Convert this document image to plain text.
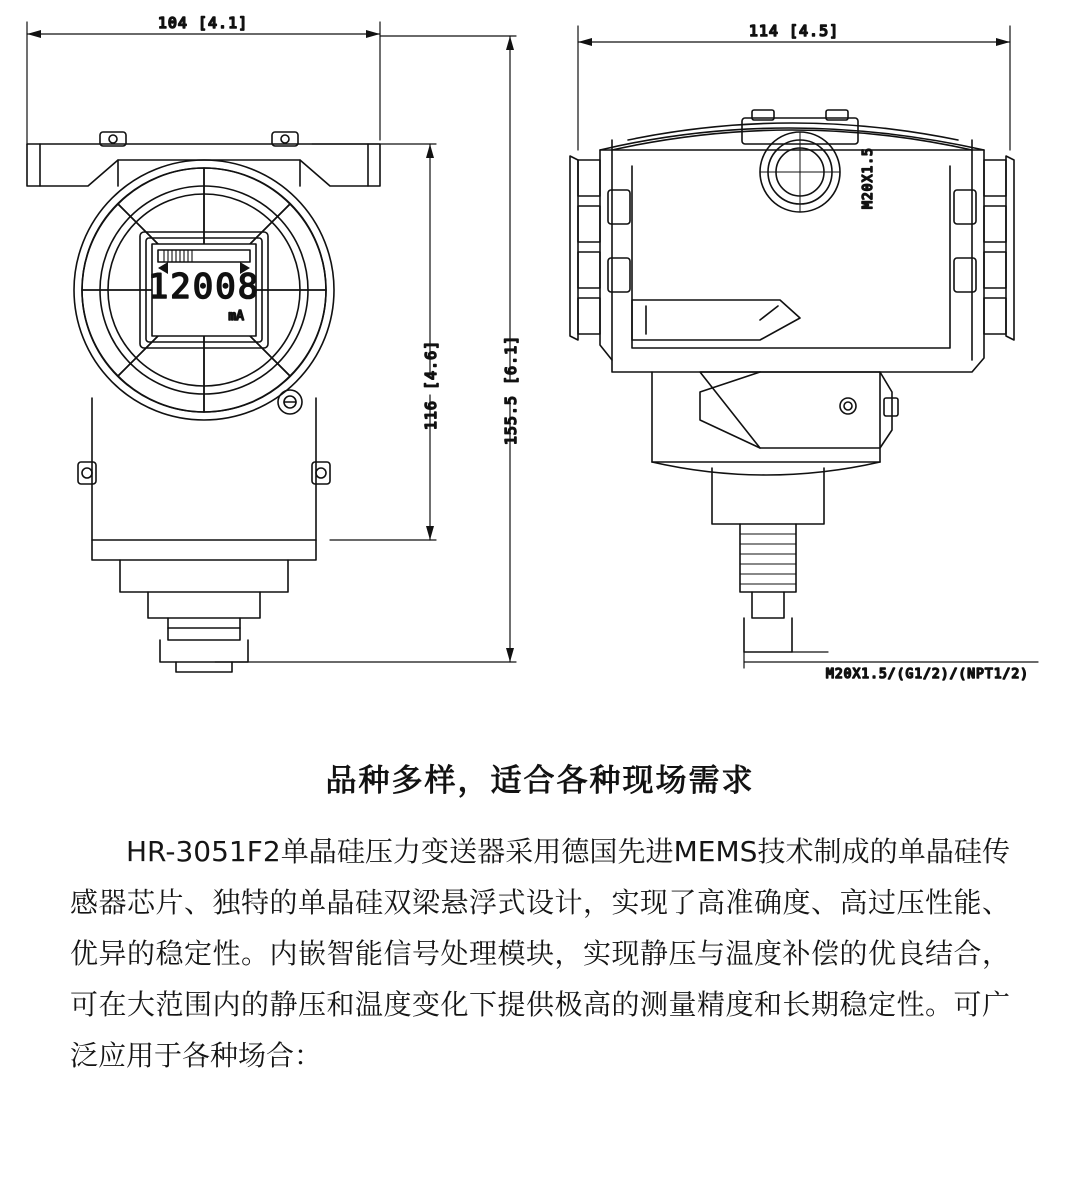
104 [4.1]
116 [4.6]	155.5 [6.1]
12008
mA
114 [4.5]
M20X1.5
M20X1.5/(G1/2)/(NPT1/2)
品种多样，适合各种现场需求

HR-3051F2单晶硅压力变送器采用德国先进MEMS技术制成的单晶硅传感器芯片、独特的单晶硅双梁悬浮式设计，实现了高准确度、高过压性能、优异的稳定性。内嵌智能信号处理模块，实现静压与温度补偿的优良结合，可在大范围内的静压和温度变化下提供极高的测量精度和长期稳定性。可广泛应用于各种场合：
